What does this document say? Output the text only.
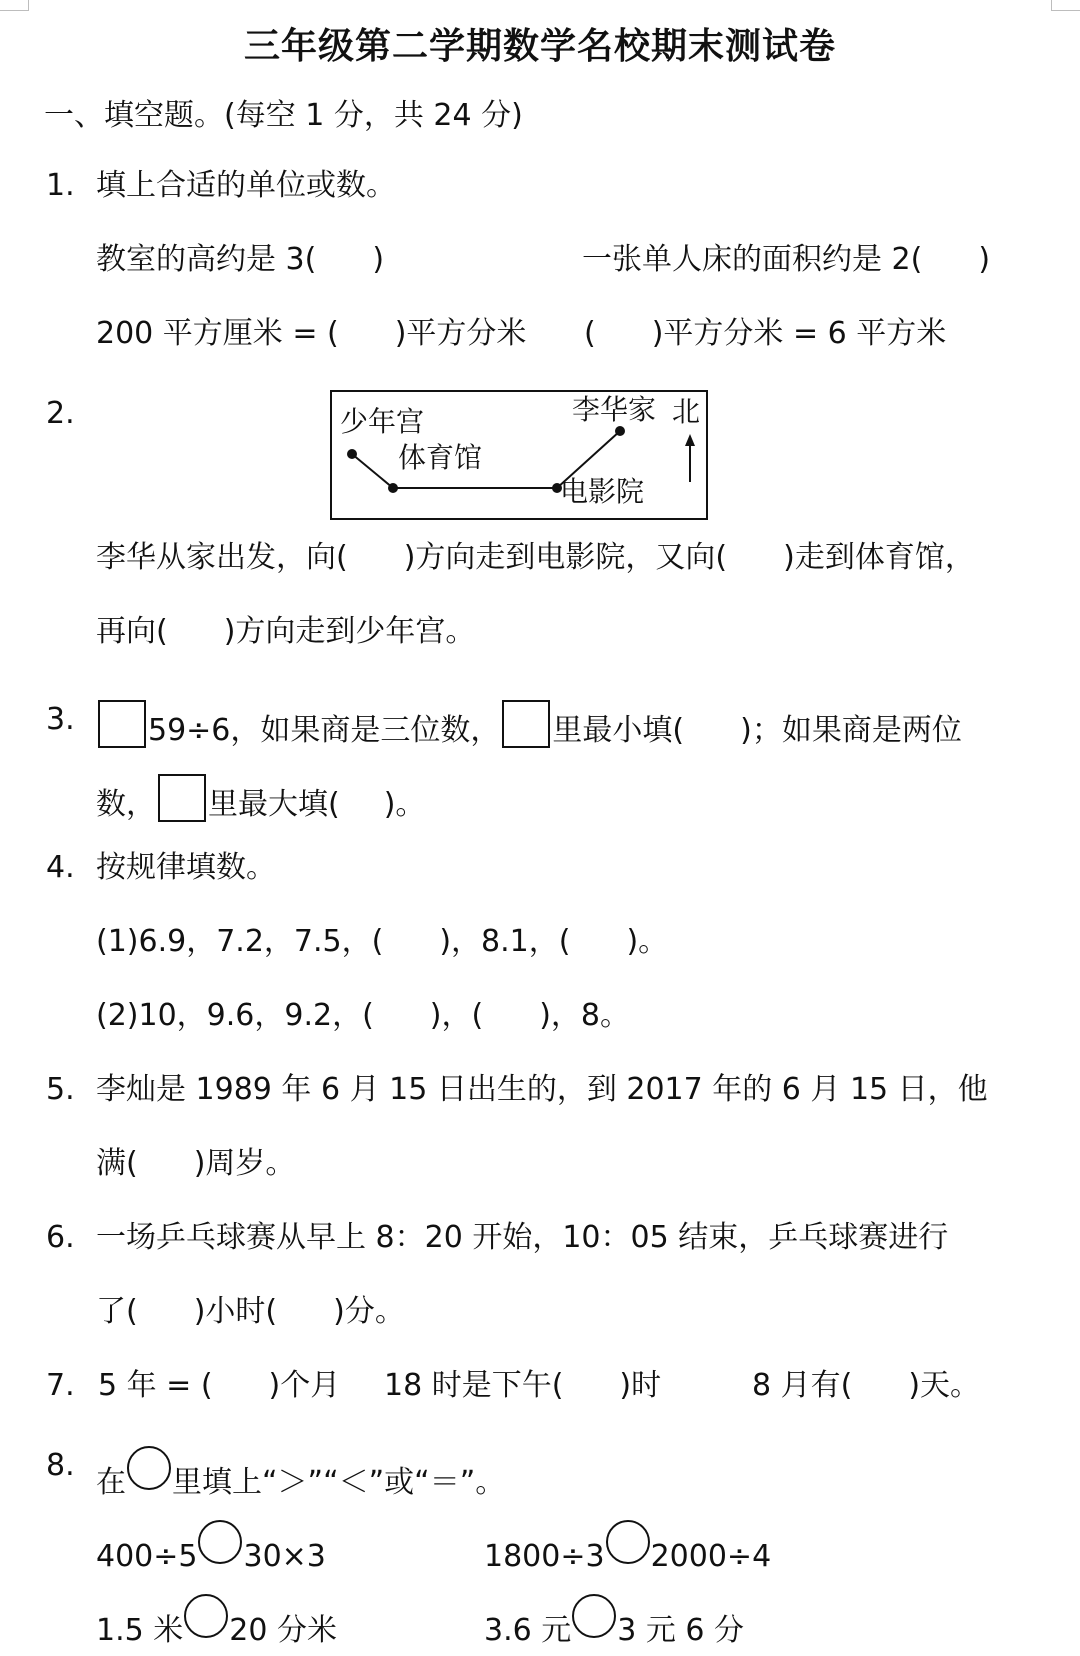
三年级第二学期数学名校期末测试卷
一、填空题。(每空 1 分，共 24 分)
1. 填上合适的单位或数。
教室的高约是 3( )	一张单人床的面积约是 2( )
200 平方厘米 = ( )平方分米 ( )平方分米 = 6 平方米
2.	少年宫
体育馆
李华家
电影院
北
李华从家出发，向( )方向走到电影院，又向( )走到体育馆，
再向( )方向走到少年宫。
3.	59÷6，如果商是三位数， 里最小填( )；如果商是两位
数， 里最大填( )。
4. 按规律填数。
(1)6.9，7.2，7.5，( )，8.1，( )。
(2)10，9.6，9.2，( )，( )，8。
5. 李灿是 1989 年 6 月 15 日出生的，到 2017 年的 6 月 15 日，他
满( )周岁。
6. 一场乒乓球赛从早上 8：20 开始，10：05 结束，乒乓球赛进行
了( )小时( )分。
7. 5 年 = ( )个月 18 时是下午( )时	8 月有( )天。
8. 在 里填上“＞”“＜”或“＝”。
400÷5 30×3	1800÷3 2000÷4
1.5 米 20 分米	3.6 元 3 元 6 分
